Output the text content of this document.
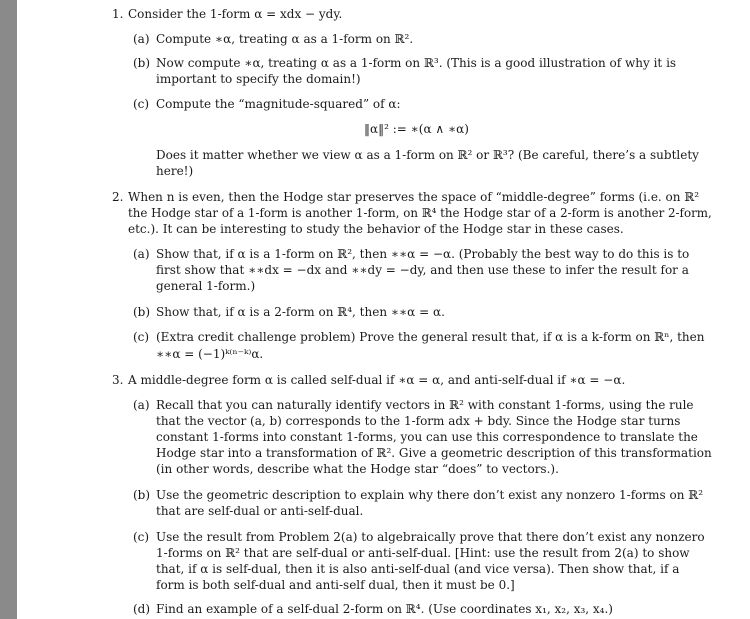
1. Consider the 1-form α = xdx − ydy.
(a) Compute ∗α, treating α as a 1-form on ℝ².
(b) Now compute ∗α, treating α as a 1-form on ℝ³. (This is a good illustration of why it is
important to specify the domain!)
(c) Compute the “magnitude-squared” of α:
‖α‖² := ∗(α ∧ ∗α)
Does it matter whether we view α as a 1-form on ℝ² or ℝ³? (Be careful, there’s a subtlety
here!)
2. When n is even, then the Hodge star preserves the space of “middle-degree” forms (i.e. on ℝ²
the Hodge star of a 1-form is another 1-form, on ℝ⁴ the Hodge star of a 2-form is another 2-form,
etc.). It can be interesting to study the behavior of the Hodge star in these cases.
(a) Show that, if α is a 1-form on ℝ², then ∗∗α = −α. (Probably the best way to do this is to
first show that ∗∗dx = −dx and ∗∗dy = −dy, and then use these to infer the result for a
general 1-form.)
(b) Show that, if α is a 2-form on ℝ⁴, then ∗∗α = α.
(c) (Extra credit challenge problem) Prove the general result that, if α is a k-form on ℝⁿ, then
∗∗α = (−1)ᵏ⁽ⁿ⁻ᵏ⁾α.
3. A middle-degree form α is called self-dual if ∗α = α, and anti-self-dual if ∗α = −α.
(a) Recall that you can naturally identify vectors in ℝ² with constant 1-forms, using the rule
that the vector (a, b) corresponds to the 1-form adx + bdy. Since the Hodge star turns
constant 1-forms into constant 1-forms, you can use this correspondence to translate the
Hodge star into a transformation of ℝ². Give a geometric description of this transformation
(in other words, describe what the Hodge star “does” to vectors.).
(b) Use the geometric description to explain why there don’t exist any nonzero 1-forms on ℝ²
that are self-dual or anti-self-dual.
(c) Use the result from Problem 2(a) to algebraically prove that there don’t exist any nonzero
1-forms on ℝ² that are self-dual or anti-self-dual. [Hint: use the result from 2(a) to show
that, if α is self-dual, then it is also anti-self-dual (and vice versa). Then show that, if a
form is both self-dual and anti-self dual, then it must be 0.]
(d) Find an example of a self-dual 2-form on ℝ⁴. (Use coordinates x₁, x₂, x₃, x₄.)
